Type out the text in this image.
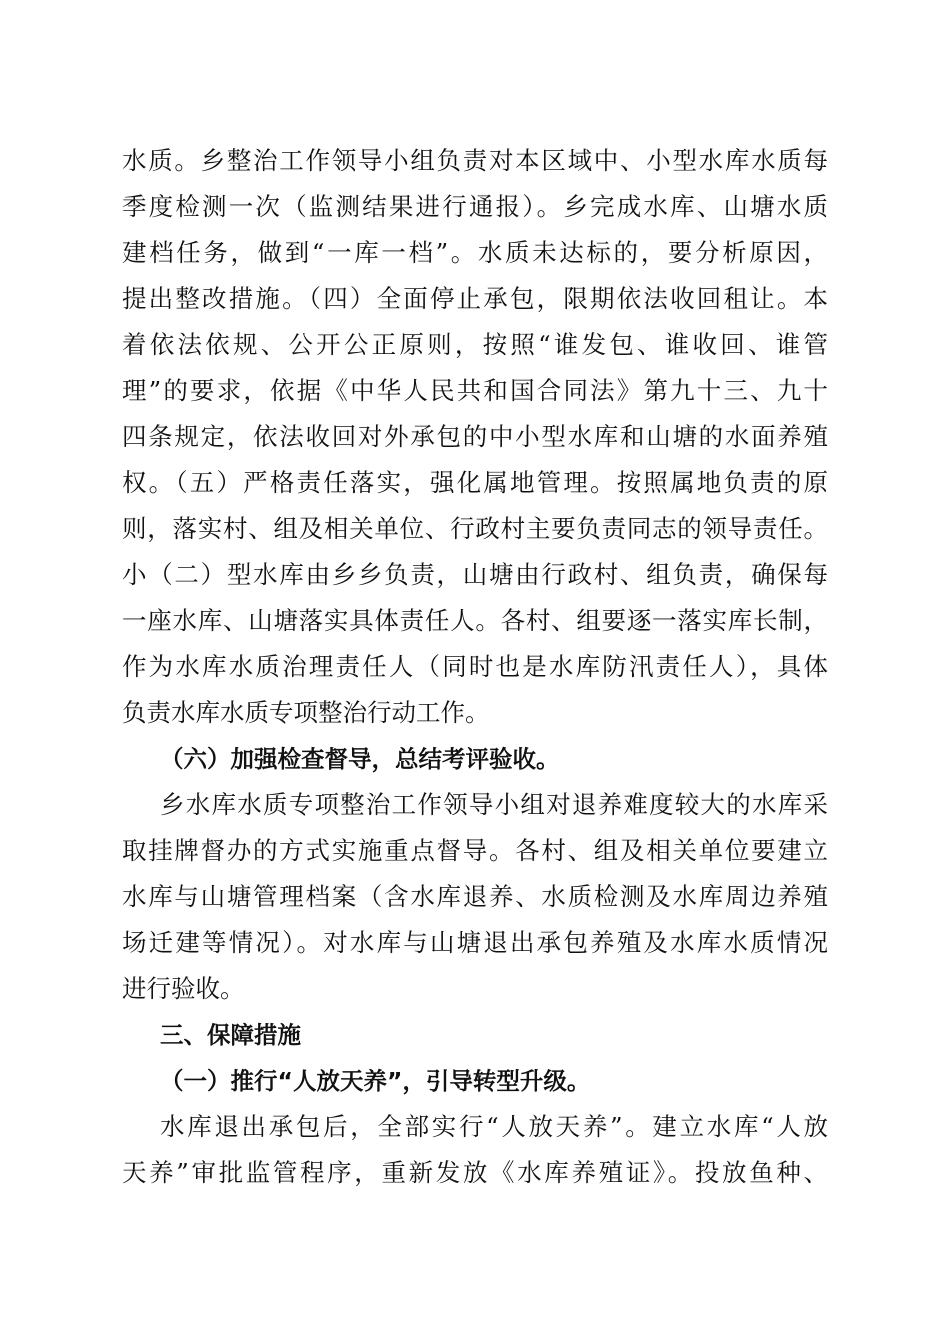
水质。乡整治工作领导小组负责对本区域中、小型水库水质每
季度检测一次（监测结果进行通报）。乡完成水库、山塘水质
建档任务，做到“一库一档”。水质未达标的，要分析原因，
提出整改措施。（四）全面停止承包，限期依法收回租让。本
着依法依规、公开公正原则，按照“谁发包、谁收回、谁管
理”的要求，依据《中华人民共和国合同法》第九十三、九十
四条规定，依法收回对外承包的中小型水库和山塘的水面养殖
权。（五）严格责任落实，强化属地管理。按照属地负责的原
则，落实村、组及相关单位、行政村主要负责同志的领导责任。
小（二）型水库由乡乡负责，山塘由行政村、组负责，确保每
一座水库、山塘落实具体责任人。各村、组要逐一落实库长制，
作为水库水质治理责任人（同时也是水库防汛责任人），具体
负责水库水质专项整治行动工作。
（六）加强检查督导，总结考评验收。
乡水库水质专项整治工作领导小组对退养难度较大的水库采
取挂牌督办的方式实施重点督导。各村、组及相关单位要建立
水库与山塘管理档案（含水库退养、水质检测及水库周边养殖
场迁建等情况）。对水库与山塘退出承包养殖及水库水质情况
进行验收。
三、保障措施
（一）推行“人放天养”，引导转型升级。
水库退出承包后，全部实行“人放天养”。建立水库“人放
天养”审批监管程序，重新发放《水库养殖证》。投放鱼种、
